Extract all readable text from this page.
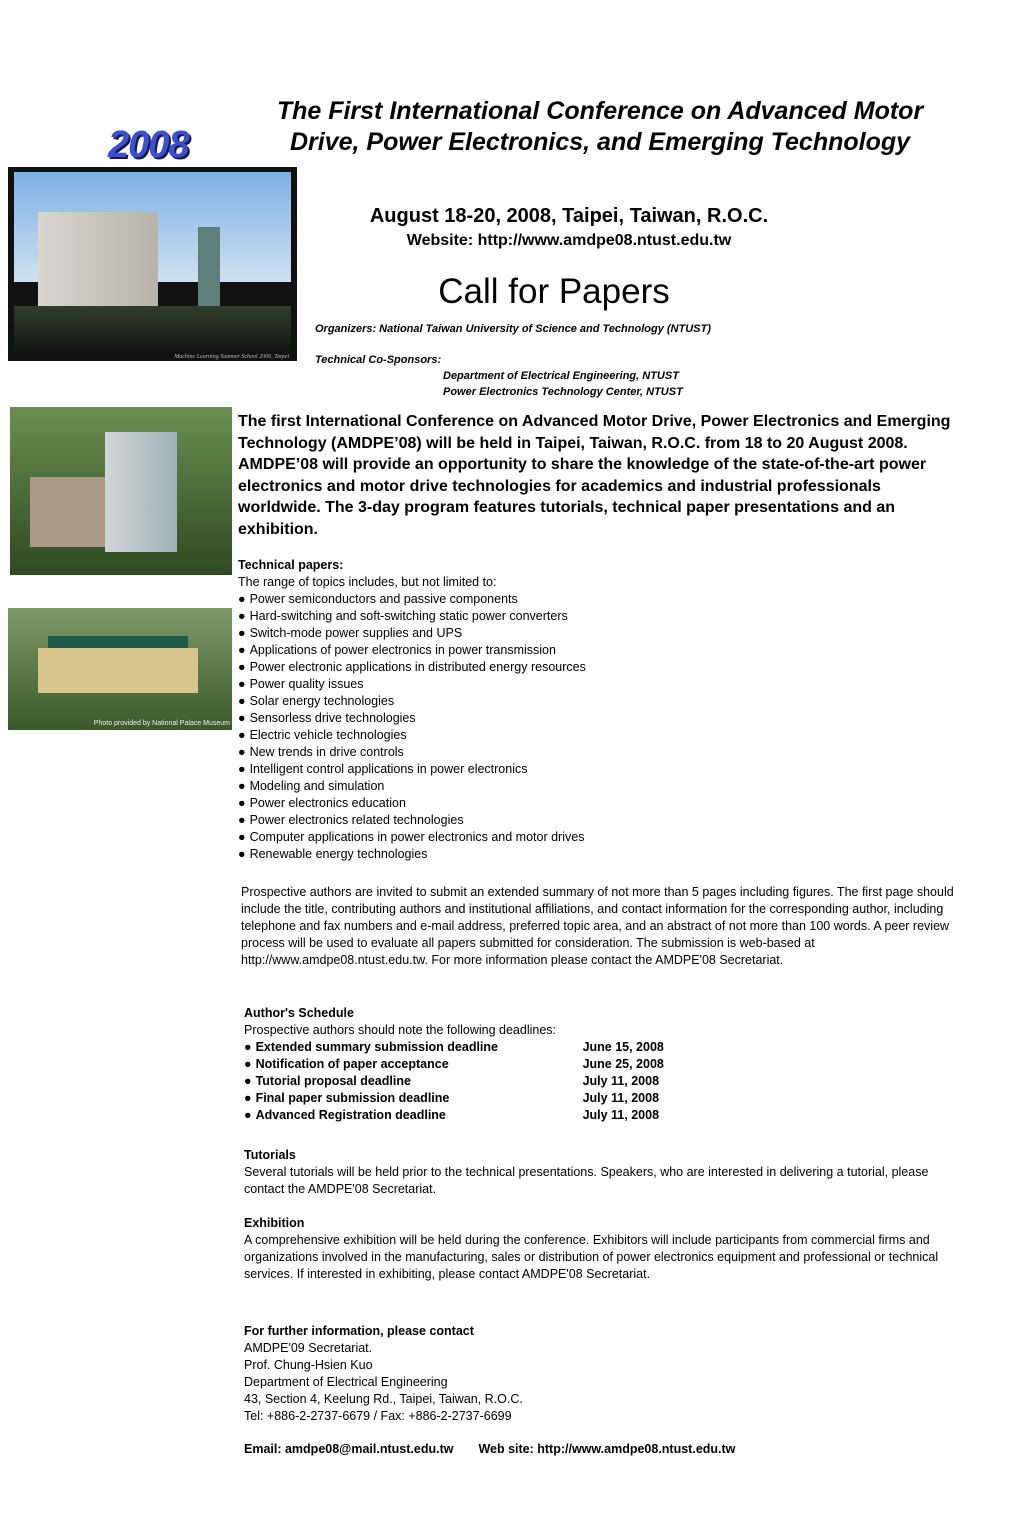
2008
The First International Conference on Advanced Motor Drive, Power Electronics, and Emerging Technology
Machine Learning Summer School 2006, Taipei
Photo provided by National Palace Museum
August 18-20, 2008, Taipei, Taiwan, R.O.C.
Website: http://www.amdpe08.ntust.edu.tw
Call for Papers
Organizers: National Taiwan University of Science and Technology (NTUST)
Technical Co-Sponsors:
Department of Electrical Engineering, NTUST
Power Electronics Technology Center, NTUST
The first International Conference on Advanced Motor Drive, Power Electronics and Emerging Technology (AMDPE’08) will be held in Taipei, Taiwan, R.O.C. from 18 to 20 August 2008. AMDPE’08 will provide an opportunity to share the knowledge of the state-of-the-art power electronics and motor drive technologies for academics and industrial professionals worldwide. The 3-day program features tutorials, technical paper presentations and an exhibition.
Technical papers:
The range of topics includes, but not limited to:
● Power semiconductors and passive components
● Hard-switching and soft-switching static power converters
● Switch-mode power supplies and UPS
● Applications of power electronics in power transmission
● Power electronic applications in distributed energy resources
● Power quality issues
● Solar energy technologies
● Sensorless drive technologies
● Electric vehicle technologies
● New trends in drive controls
● Intelligent control applications in power electronics
● Modeling and simulation
● Power electronics education
● Power electronics related technologies
● Computer applications in power electronics and motor drives
● Renewable energy technologies
Prospective authors are invited to submit an extended summary of not more than 5 pages including figures. The first page should include the title, contributing authors and institutional affiliations, and contact information for the corresponding author, including telephone and fax numbers and e-mail address, preferred topic area, and an abstract of not more than 100 words. A peer review process will be used to evaluate all papers submitted for consideration. The submission is web-based at http://www.amdpe08.ntust.edu.tw. For more information please contact the AMDPE'08 Secretariat.
Author's Schedule
Prospective authors should note the following deadlines:
● Extended summary submission deadline	June 15, 2008
● Notification of paper acceptance	June 25, 2008
● Tutorial proposal deadline	July 11, 2008
● Final paper submission deadline	July 11, 2008
● Advanced Registration deadline	July 11, 2008
Tutorials
Several tutorials will be held prior to the technical presentations. Speakers, who are interested in delivering a tutorial, please contact the AMDPE'08 Secretariat.
Exhibition
A comprehensive exhibition will be held during the conference. Exhibitors will include participants from commercial firms and organizations involved in the manufacturing, sales or distribution of power electronics equipment and professional or technical services. If interested in exhibiting, please contact AMDPE'08 Secretariat.
For further information, please contact
AMDPE'09 Secretariat.
Prof. Chung-Hsien Kuo
Department of Electrical Engineering
43, Section 4, Keelung Rd., Taipei, Taiwan, R.O.C.
Tel: +886-2-2737-6679 / Fax: +886-2-2737-6699
Email: amdpe08@mail.ntust.edu.tw Web site: http://www.amdpe08.ntust.edu.tw
